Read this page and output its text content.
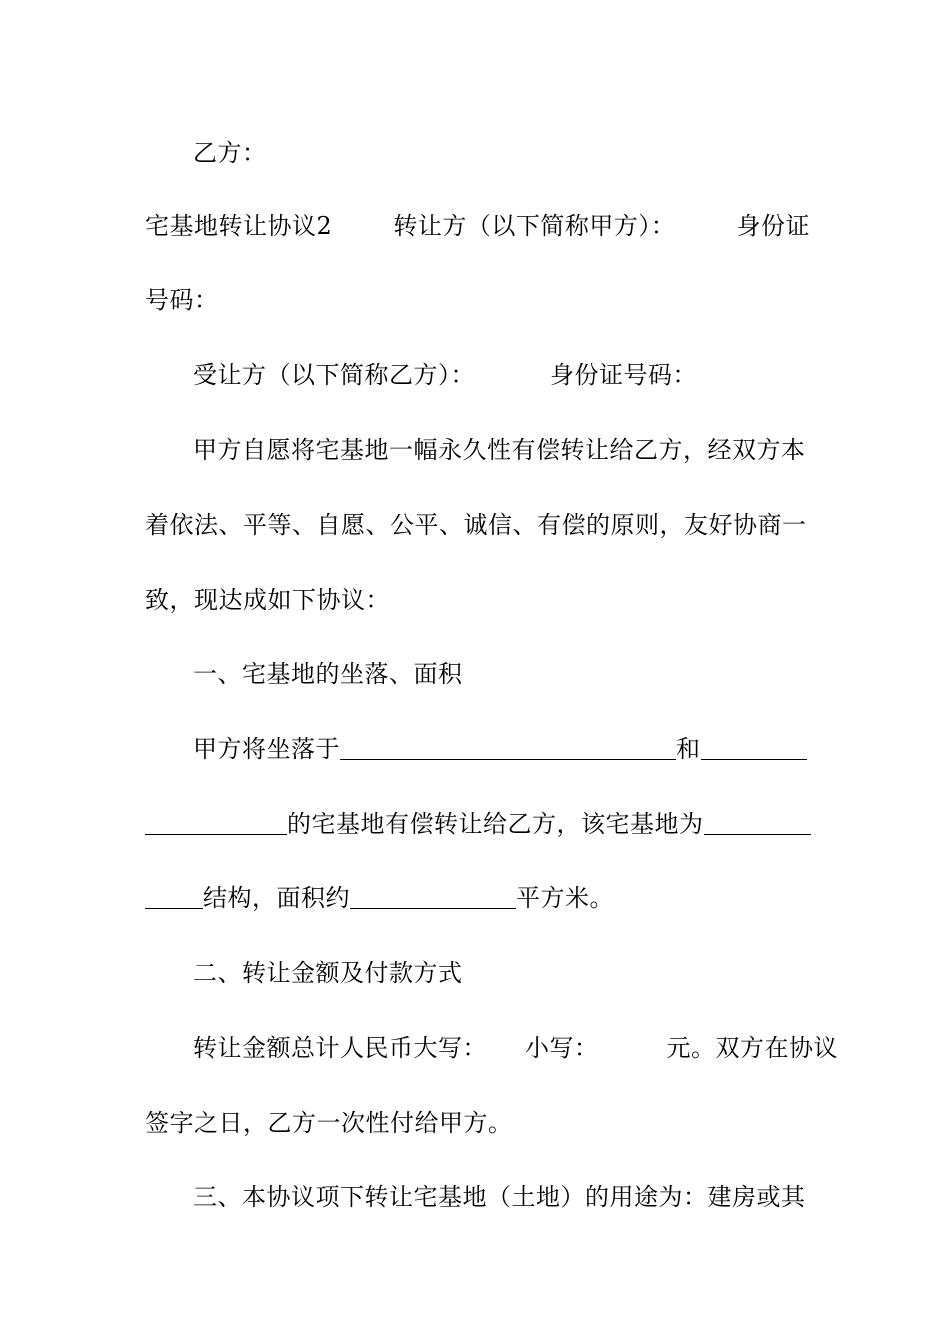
乙方：
宅基地转让协议2	转让方（以下简称甲方）：	身份证
号码：
受让方（以下简称乙方）：	身份证号码：
甲方自愿将宅基地一幅永久性有偿转让给乙方，经双方本
着依法、平等、自愿、公平、诚信、有偿的原则，友好协商一
致，现达成如下协议：
一、宅基地的坐落、面积
甲方将坐落于	和
的宅基地有偿转让给乙方，该宅基地为
结构，面积约	平方米。
二、转让金额及付款方式
转让金额总计人民币大写： 小写：	元。双方在协议
签字之日，乙方一次性付给甲方。
三、本协议项下转让宅基地（土地）的用途为：建房或其
